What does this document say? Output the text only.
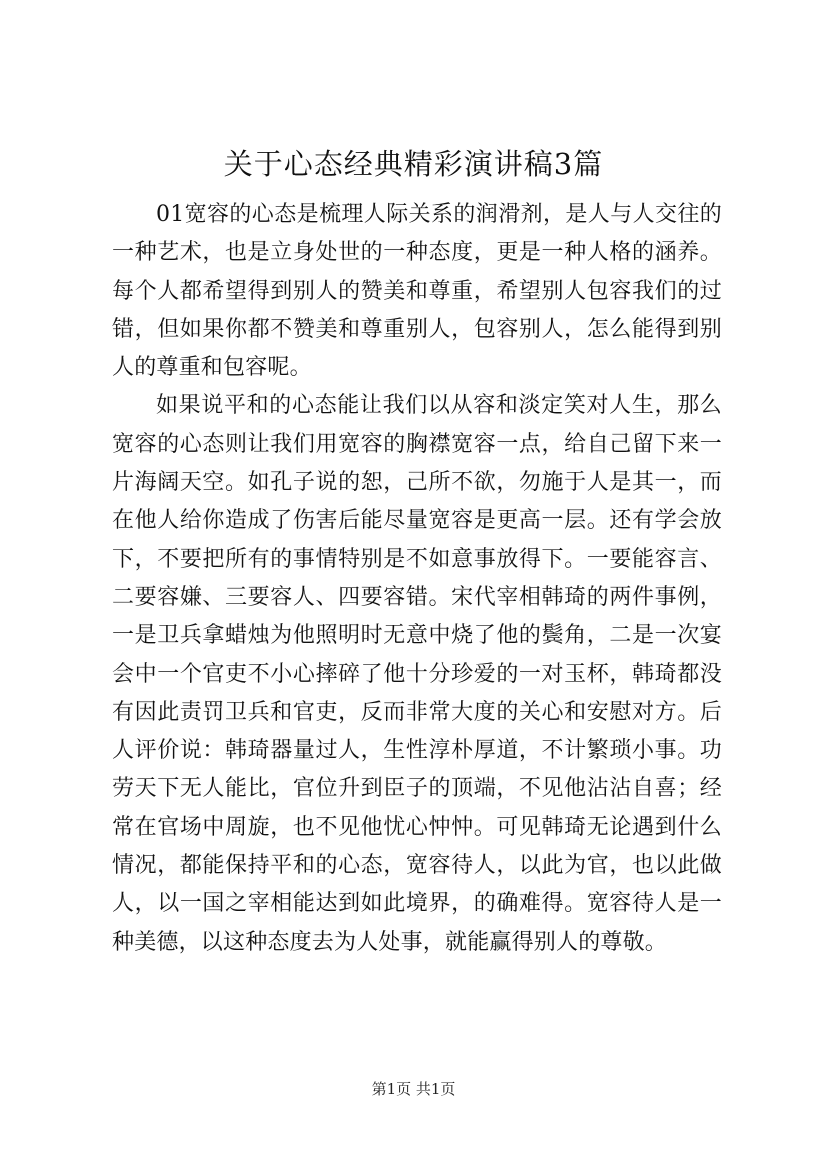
关于心态经典精彩演讲稿3篇

01宽容的心态是梳理人际关系的润滑剂，是人与人交往的一种艺术，也是立身处世的一种态度，更是一种人格的涵养。每个人都希望得到别人的赞美和尊重，希望别人包容我们的过错，但如果你都不赞美和尊重别人，包容别人，怎么能得到别人的尊重和包容呢。

如果说平和的心态能让我们以从容和淡定笑对人生，那么宽容的心态则让我们用宽容的胸襟宽容一点，给自己留下来一片海阔天空。如孔子说的恕，己所不欲，勿施于人是其一，而在他人给你造成了伤害后能尽量宽容是更高一层。还有学会放下，不要把所有的事情特别是不如意事放得下。一要能容言、二要容嫌、三要容人、四要容错。宋代宰相韩琦的两件事例，一是卫兵拿蜡烛为他照明时无意中烧了他的鬓角，二是一次宴会中一个官吏不小心摔碎了他十分珍爱的一对玉杯，韩琦都没有因此责罚卫兵和官吏，反而非常大度的关心和安慰对方。后人评价说：韩琦器量过人，生性淳朴厚道，不计繁琐小事。功劳天下无人能比，官位升到臣子的顶端，不见他沾沾自喜；经常在官场中周旋，也不见他忧心忡忡。可见韩琦无论遇到什么情况，都能保持平和的心态，宽容待人，以此为官，也以此做人，以一国之宰相能达到如此境界，的确难得。宽容待人是一种美德，以这种态度去为人处事，就能赢得别人的尊敬。

第1页 共1页
